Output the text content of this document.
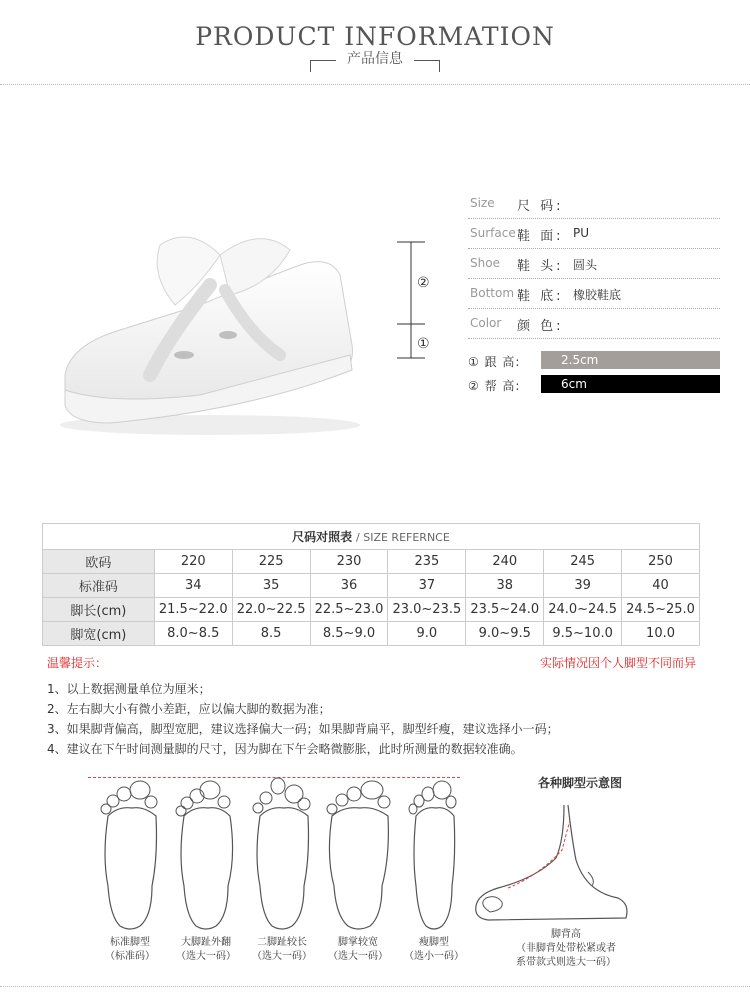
PRODUCT INFORMATION
产品信息
②
①
Size 尺 码:
Surface 鞋 面: PU
Shoe 鞋 头: 圆头
Bottom 鞋 底: 橡胶鞋底
Color 颜 色:
① 跟 高:	2.5cm
② 帮 高:	6cm
尺码对照表 / SIZE REFERNCE							
欧码	220	225	230	235	240	245	250
标准码	34	35	36	37	38	39	40
脚长(cm)	21.5~22.0	22.0~22.5	22.5~23.0	23.0~23.5	23.5~24.0	24.0~24.5	24.5~25.0
脚宽(cm)	8.0~8.5	8.5	8.5~9.0	9.0	9.0~9.5	9.5~10.0	10.0
温馨提示：	实际情况因个人脚型不同而异
1、以上数据测量单位为厘米；
2、左右脚大小有微小差距，应以偏大脚的数据为准；
3、如果脚背偏高，脚型宽肥，建议选择偏大一码；如果脚背扁平，脚型纤瘦，建议选择小一码；
4、建议在下午时间测量脚的尺寸，因为脚在下午会略微膨胀，此时所测量的数据较准确。
标准脚型
（标准码）
大脚趾外翻
（选大一码）
二脚趾较长
（选大一码）
脚掌较宽
（选大一码）
瘦脚型
（选小一码）
各种脚型示意图
脚背高
（非脚背处带松紧或者
系带款式则选大一码）
